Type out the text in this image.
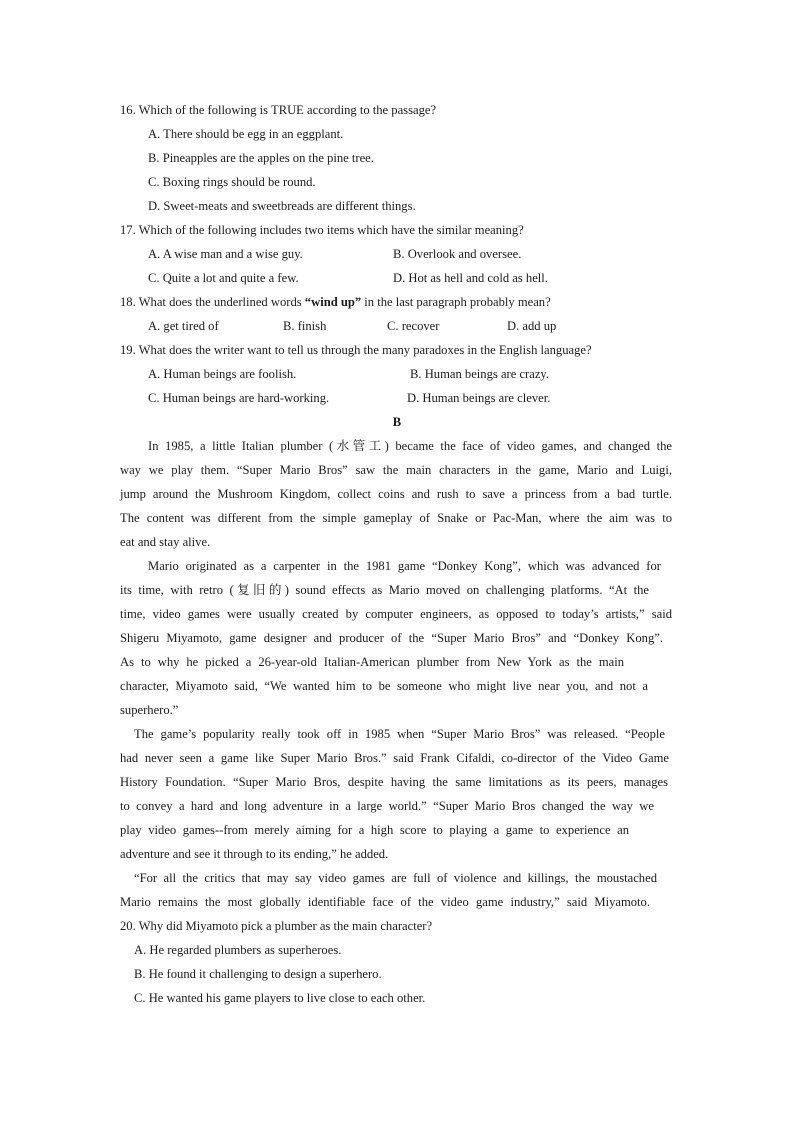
16. Which of the following is TRUE according to the passage?
A. There should be egg in an eggplant.
B. Pineapples are the apples on the pine tree.
C. Boxing rings should be round.
D. Sweet-meats and sweetbreads are different things.
17. Which of the following includes two items which have the similar meaning?
A. A wise man and a wise guy.	B. Overlook and oversee.
C. Quite a lot and quite a few.	D. Hot as hell and cold as hell.
18. What does the underlined words “wind up” in the last paragraph probably mean?
A. get tired of	B. finish	C. recover	D. add up
19. What does the writer want to tell us through the many paradoxes in the English language?
A. Human beings are foolish.	B. Human beings are crazy.
C. Human beings are hard-working.	D. Human beings are clever.
B
In 1985, a little Italian plumber (水管工) became the face of video games, and changed the
way we play them. “Super Mario Bros” saw the main characters in the game, Mario and Luigi,
jump around the Mushroom Kingdom, collect coins and rush to save a princess from a bad turtle.
The content was different from the simple gameplay of Snake or Pac-Man, where the aim was to
eat and stay alive.
Mario originated as a carpenter in the 1981 game “Donkey Kong”, which was advanced for
its time, with retro (复旧的) sound effects as Mario moved on challenging platforms. “At the
time, video games were usually created by computer engineers, as opposed to today’s artists,” said
Shigeru Miyamoto, game designer and producer of the “Super Mario Bros” and “Donkey Kong”.
As to why he picked a 26-year-old Italian-American plumber from New York as the main
character, Miyamoto said, “We wanted him to be someone who might live near you, and not a
superhero.”
The game’s popularity really took off in 1985 when “Super Mario Bros” was released. “People
had never seen a game like Super Mario Bros.” said Frank Cifaldi, co-director of the Video Game
History Foundation. “Super Mario Bros, despite having the same limitations as its peers, manages
to convey a hard and long adventure in a large world.” “Super Mario Bros changed the way we
play video games--from merely aiming for a high score to playing a game to experience an
adventure and see it through to its ending,” he added.
“For all the critics that may say video games are full of violence and killings, the moustached
Mario remains the most globally identifiable face of the video game industry,” said Miyamoto.
20. Why did Miyamoto pick a plumber as the main character?
A. He regarded plumbers as superheroes.
B. He found it challenging to design a superhero.
C. He wanted his game players to live close to each other.
